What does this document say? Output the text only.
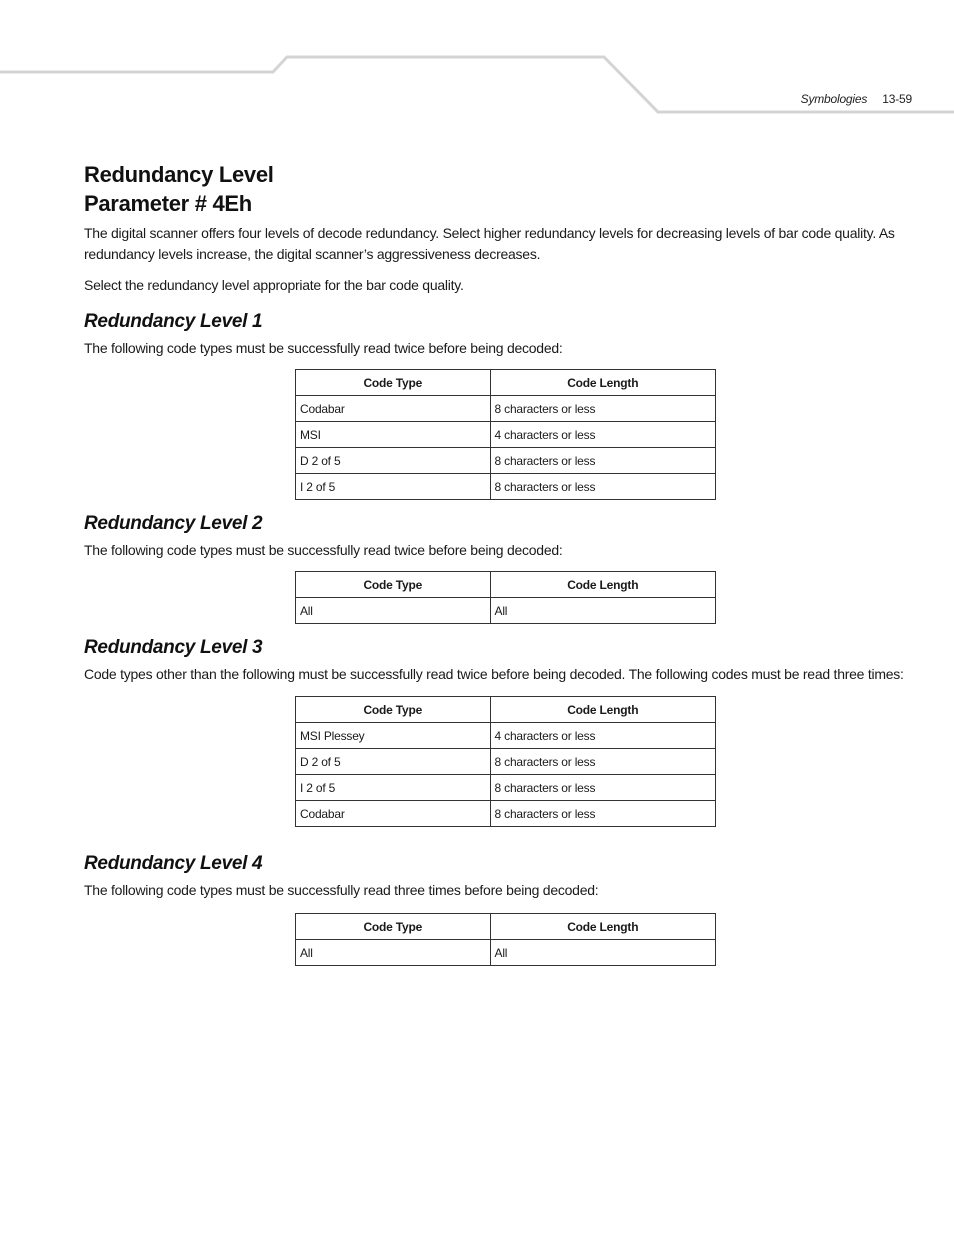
Symbologies 13-59
Redundancy Level
Parameter # 4Eh

The digital scanner offers four levels of decode redundancy. Select higher redundancy levels for decreasing levels of bar code quality. As redundancy levels increase, the digital scanner’s aggressiveness decreases.

Select the redundancy level appropriate for the bar code quality.

Redundancy Level 1

The following code types must be successfully read twice before being decoded:

Code Type	Code Length
Codabar	8 characters or less
MSI	4 characters or less
D 2 of 5	8 characters or less
I 2 of 5	8 characters or less
Redundancy Level 2

The following code types must be successfully read twice before being decoded:

Code Type	Code Length
All	All
Redundancy Level 3

Code types other than the following must be successfully read twice before being decoded. The following codes must be read three times:

Code Type	Code Length
MSI Plessey	4 characters or less
D 2 of 5	8 characters or less
I 2 of 5	8 characters or less
Codabar	8 characters or less
Redundancy Level 4

The following code types must be successfully read three times before being decoded:

Code Type	Code Length
All	All
